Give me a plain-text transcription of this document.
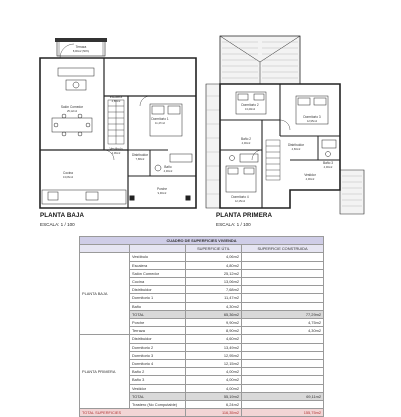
Terraza
8,90m2 (50%)
Salón Comedor
25,12m2
Escalera
4,80m2
Dormitorio 1
11,47m2
Distribuidor
7,68m2
Vestíbulo
4,06m2
Baño
4,30m2
Cocina
13,06m2
Porche
9,90m2
Dormitorio 2
13,49m2
Dormitorio 3
12,95m2
Baño 2
4,00m2	Distribuidor
4,60m2
Baño 3
4,00m2
Dormitorio 4
12,15m2
Vestidor
4,00m2
PLANTA BAJA
ESCALA: 1 / 100
PLANTA PRIMERA
ESCALA: 1 / 100
CUADRO DE SUPERFICIES VIVIENDA			
		SUPERFICIE ÚTIL	SUPERFICIE CONSTRUIDA
PLANTA BAJA	Vestíbulo	4,06m2	
	Escalera	4,80m2	
	Salón Comedor	25,12m2	
	Cocina	13,06m2	
	Distribuidor	7,68m2	
	Dormitorio 1	11,47m2	
	Baño	4,30m2	
	TOTAL	65,36m2	77,29m2
	Porche	9,90m2	4,75m2
	Terraza	8,90m2	4,30m2
PLANTA PRIMERA	Distribuidor	4,60m2	
	Dormitorio 2	13,49m2	
	Dormitorio 3	12,95m2	
	Dormitorio 4	12,15m2	
	Baño 2	4,00m2	
	Baño 3	4,00m2	
	Vestidor	4,00m2	
	TOTAL	55,19m2	69,11m2
	Trastero (No Computable)	6,24m2	
TOTAL SUPERFICIES		116,35m2	155,75m2
